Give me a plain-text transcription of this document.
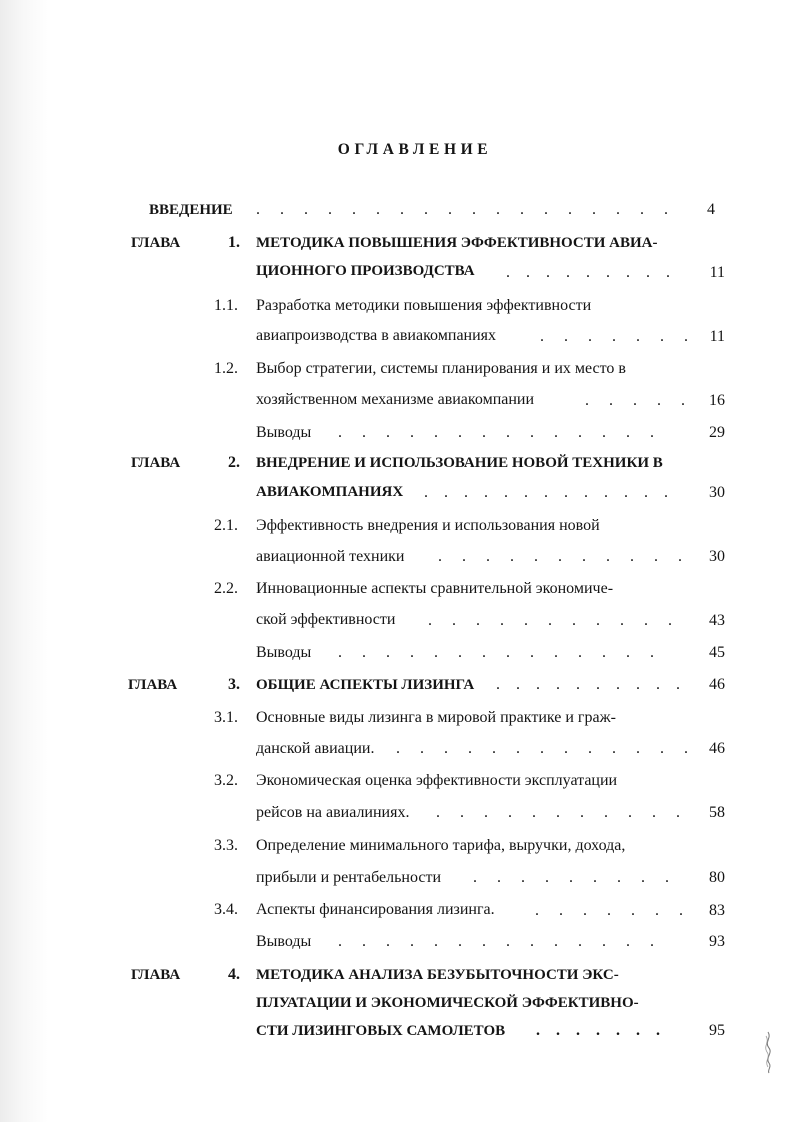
ОГЛАВЛЕНИЕ
ВВЕДЕНИЕ .     .     .     .     .     .     .     .     .     .     .     .     .     .     .     .     .     . 4
ГЛАВА	1. МЕТОДИКА ПОВЫШЕНИЯ ЭФФЕКТИВНОСТИ АВИА-
ЦИОННОГО ПРОИЗВОДСТВА .    .    .    .    .    .    .    .    . 11
1.1. Разработка методики повышения эффективности
авиапроизводства в авиакомпаниях	.     .     .     .     .     .     . 11
1.2. Выбор стратегии, системы планирования и их место в
хозяйственном механизме авиакомпании	.     .     .     .     . 16
Выводы .     .     .     .     .     .     .     .     .     .     .     .     .     .	29
ГЛАВА	2. ВНЕДРЕНИЕ И ИСПОЛЬЗОВАНИЕ НОВОЙ ТЕХНИКИ В
АВИАКОМПАНИЯХ .    .    .    .    .    .    .    .    .    .    .    .    .	30
2.1. Эффективность внедрения и использования новой
авиационной техники .     .     .     .     .     .     .     .     .     .     . 30
2.2. Инновационные аспекты сравнительной экономиче-
ской эффективности .     .     .     .     .     .     .     .     .     .     . 43
Выводы .     .     .     .     .     .     .     .     .     .     .     .     .     .	45
ГЛАВА	3. ОБЩИЕ АСПЕКТЫ ЛИЗИНГА .    .    .    .    .    .    .    .    .    . 46
3.1. Основные виды лизинга в мировой практике и граж-
данской авиации. .     .     .     .     .     .     .     .     .     .     .     .     . 46
3.2. Экономическая оценка эффективности эксплуатации
рейсов на авиалиниях. .     .     .     .     .     .     .     .     .     .     . 58
3.3. Определение минимального тарифа, выручки, дохода,
прибыли и рентабельности .     .     .     .     .     .     .     .     .	80
3.4. Аспекты финансирования лизинга.	.     .     .     .     .     .     . 83
Выводы .     .     .     .     .     .     .     .     .     .     .     .     .     .	93
ГЛАВА	4. МЕТОДИКА АНАЛИЗА БЕЗУБЫТОЧНОСТИ ЭКС-
ПЛУАТАЦИИ И ЭКОНОМИЧЕСКОЙ ЭФФЕКТИВНО-
СТИ ЛИЗИНГОВЫХ САМОЛЕТОВ .    .    .    .    .    .    .	95
